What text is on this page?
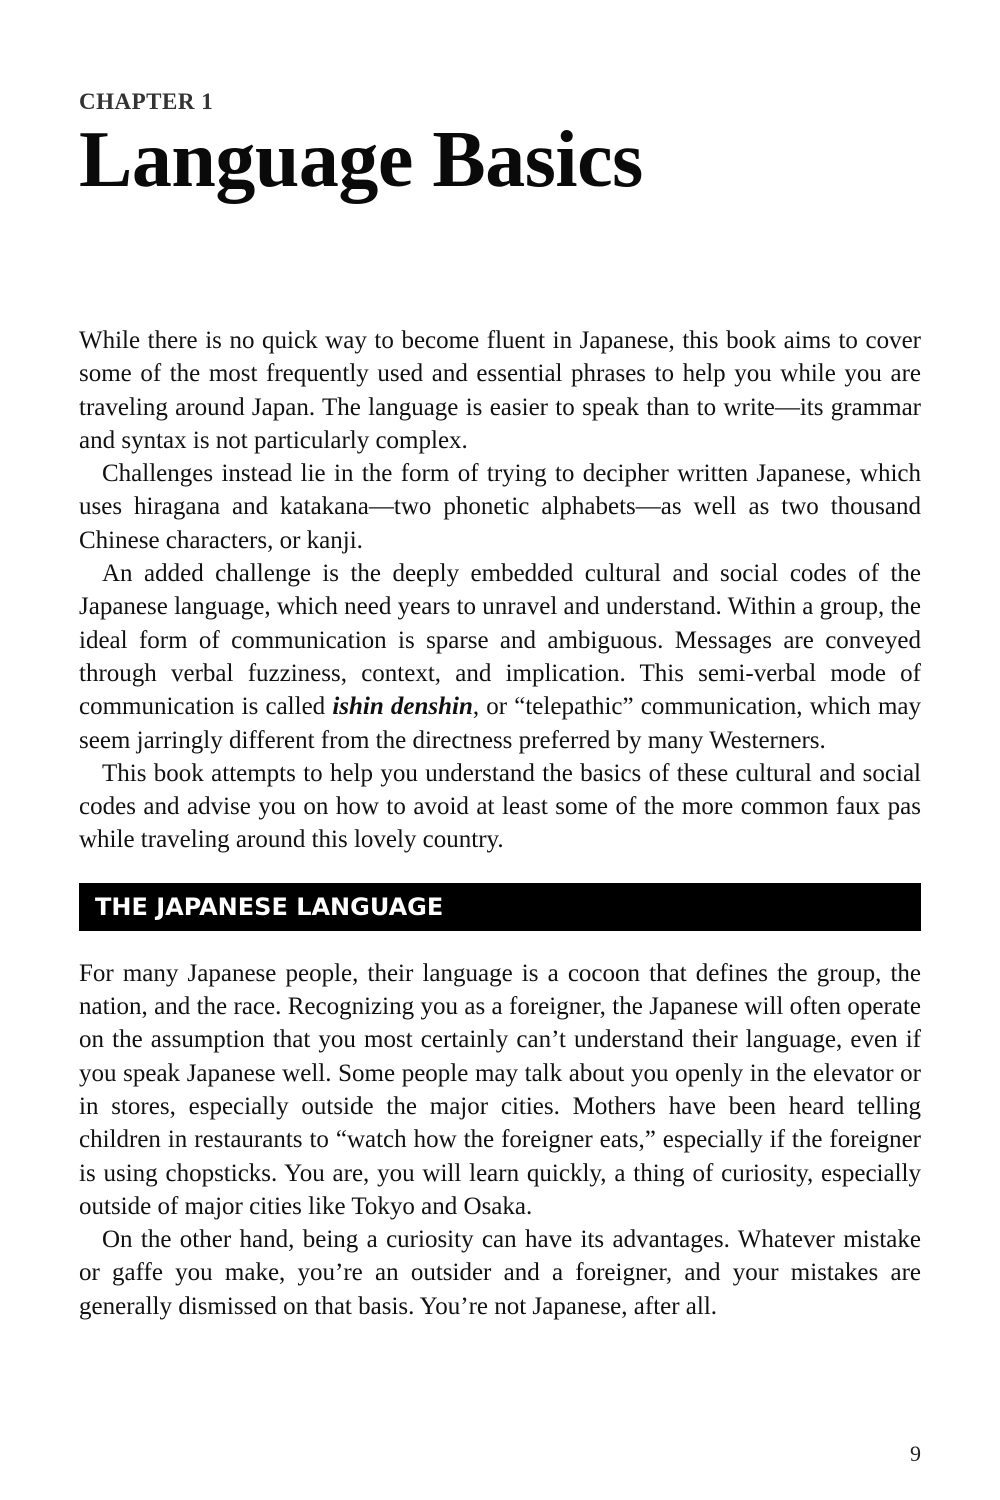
CHAPTER 1
Language Basics

While there is no quick way to become fluent in Japanese, this book aims to cover some of the most frequently used and essential phrases to help you while you are traveling around Japan. The language is easier to speak than to write—its grammar and syntax is not particularly complex.

Challenges instead lie in the form of trying to decipher written Japanese, which uses hiragana and katakana—two phonetic alphabets—as well as two thousand Chinese characters, or kanji.

An added challenge is the deeply embedded cultural and social codes of the Japanese language, which need years to unravel and understand. Within a group, the ideal form of communication is sparse and ambiguous. Messages are conveyed through verbal fuzziness, context, and implication. This semi-verbal mode of communication is called ishin denshin, or “telepathic” communication, which may seem jarringly different from the directness preferred by many Westerners.

This book attempts to help you understand the basics of these cultural and social codes and advise you on how to avoid at least some of the more common faux pas while traveling around this lovely country.

THE JAPANESE LANGUAGE

For many Japanese people, their language is a cocoon that defines the group, the nation, and the race. Recognizing you as a foreigner, the Japanese will often operate on the assumption that you most certainly can’t understand their language, even if you speak Japanese well. Some people may talk about you openly in the elevator or in stores, especially outside the major cities. Mothers have been heard telling children in restaurants to “watch how the foreigner eats,” especially if the foreigner is using chopsticks. You are, you will learn quickly, a thing of curiosity, especially outside of major cities like Tokyo and Osaka.

On the other hand, being a curiosity can have its advantages. Whatever mistake or gaffe you make, you’re an outsider and a foreigner, and your mistakes are generally dismissed on that basis. You’re not Japanese, after all.

9
